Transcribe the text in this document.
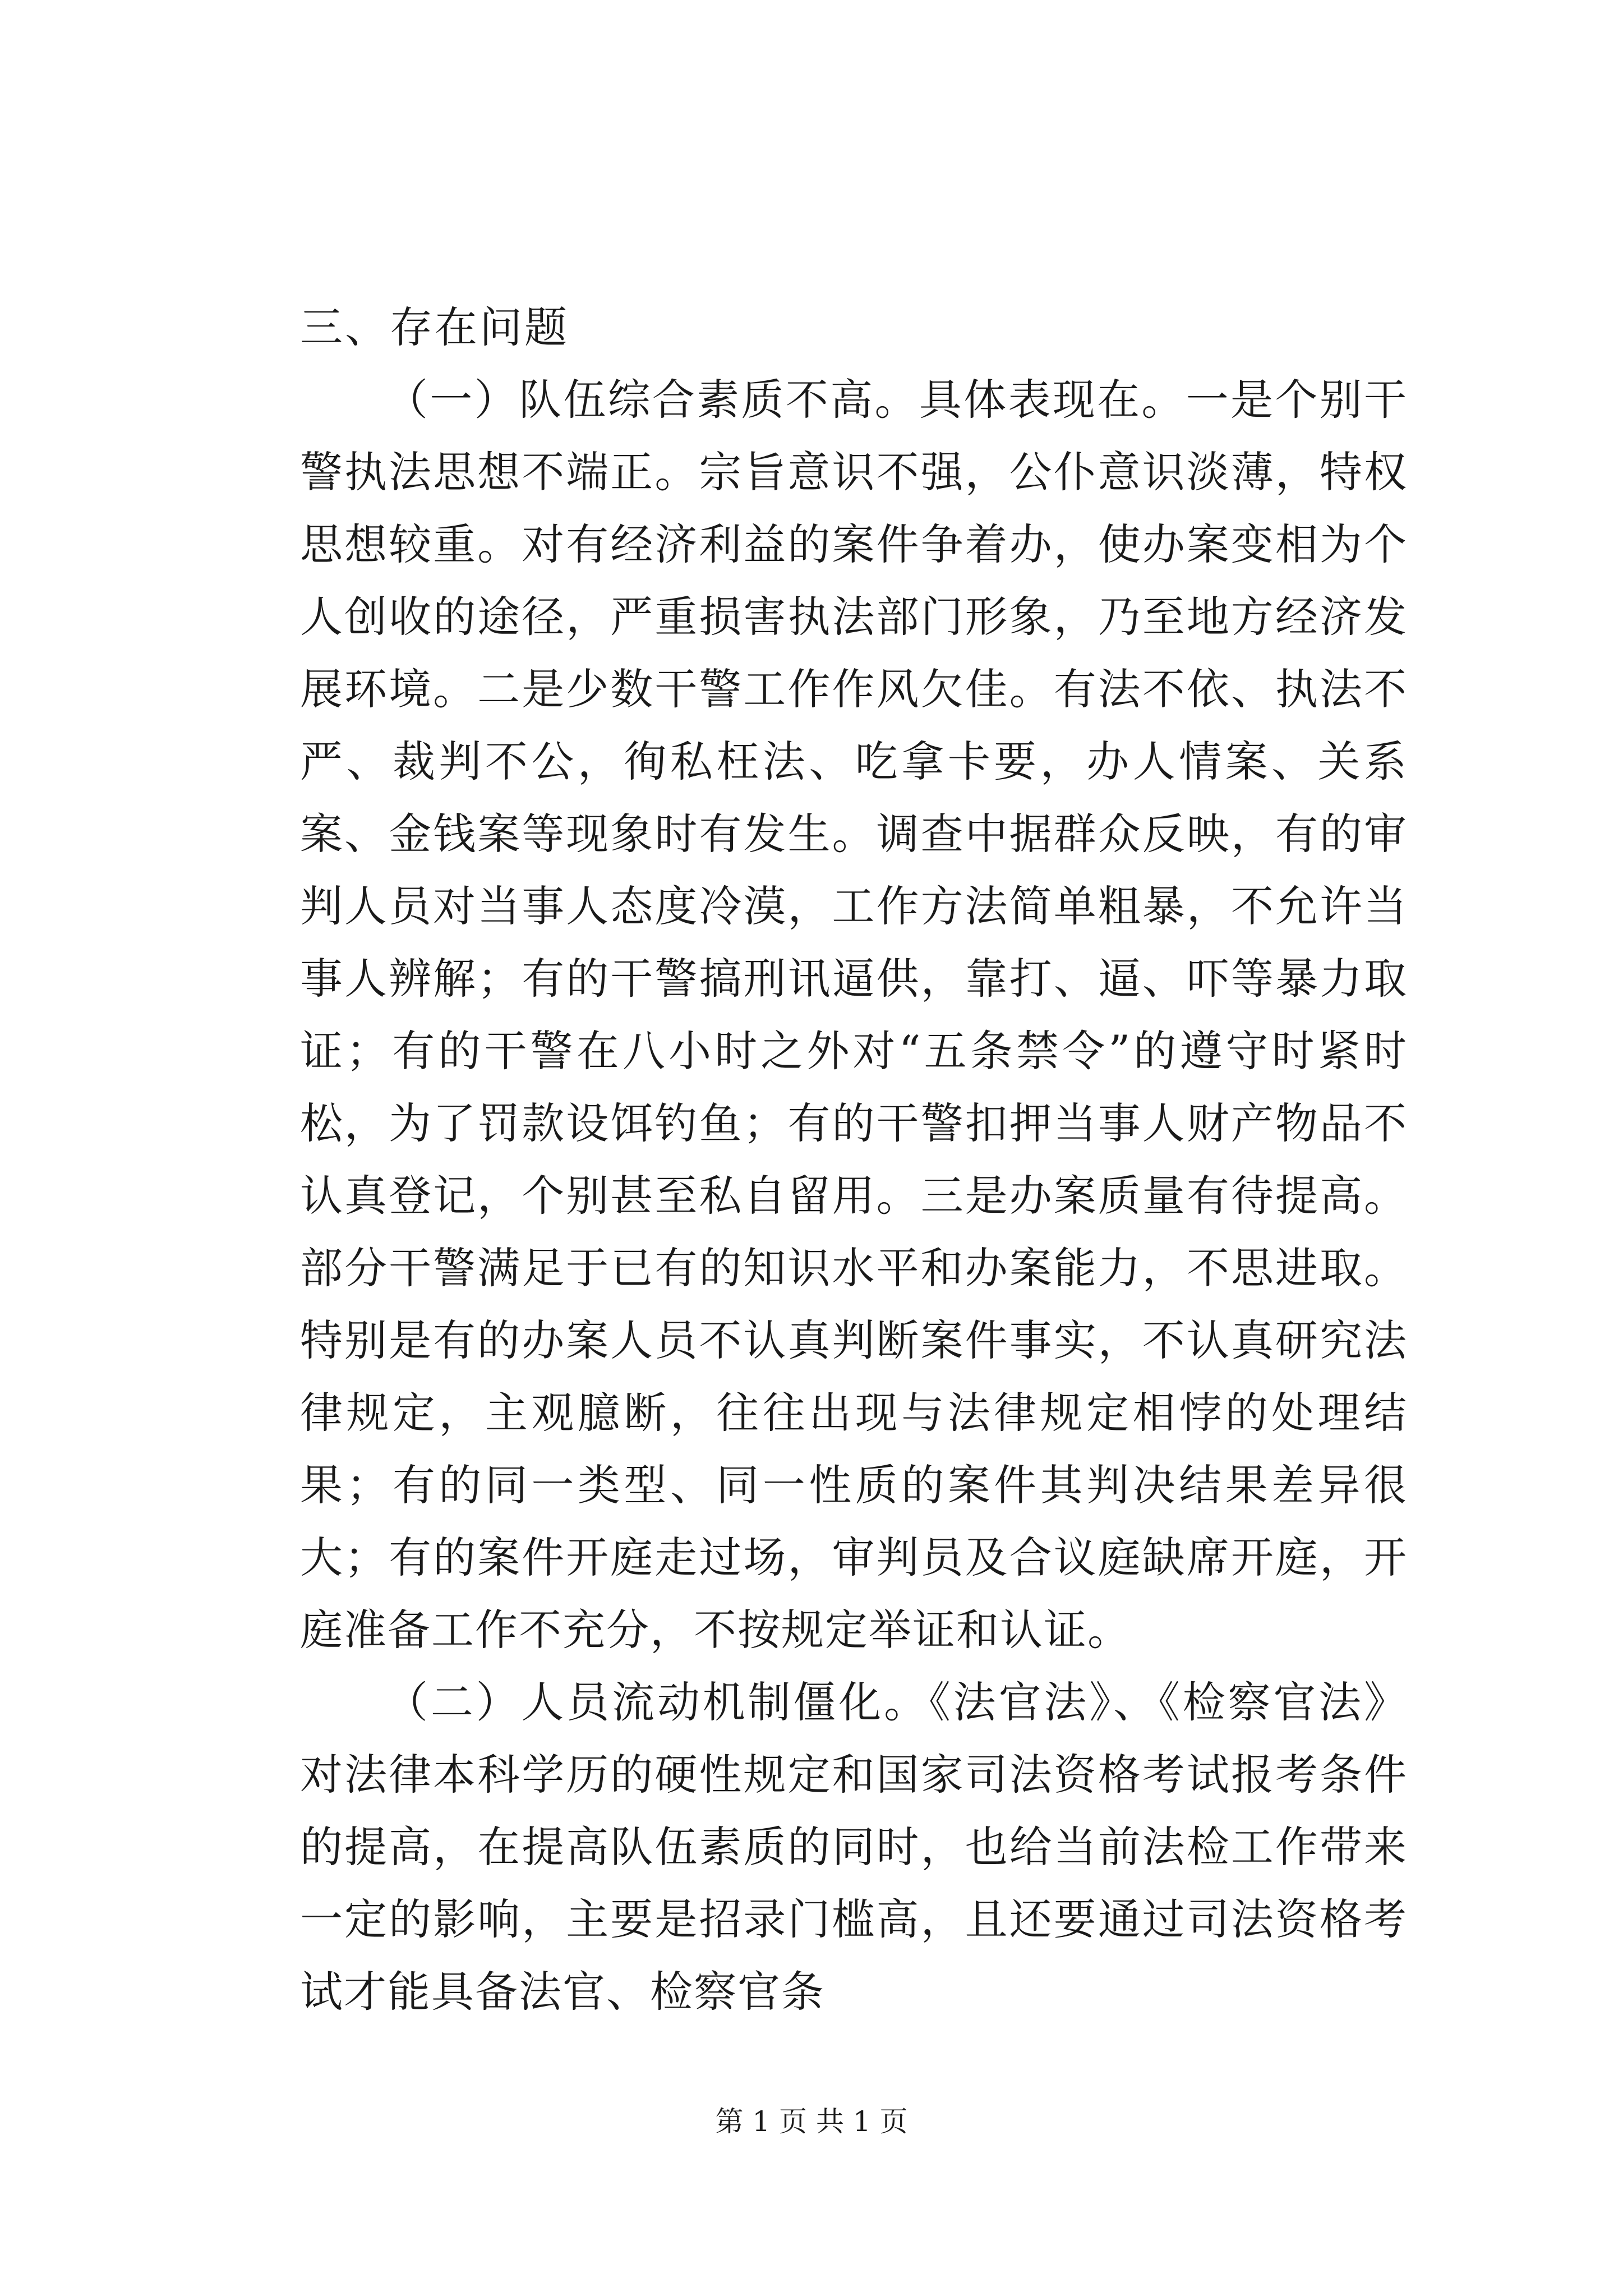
三、存在问题

（一）队伍综合素质不高。具体表现在。一是个别干警执法思想不端正。宗旨意识不强，公仆意识淡薄，特权思想较重。对有经济利益的案件争着办，使办案变相为个人创收的途径，严重损害执法部门形象，乃至地方经济发展环境。二是少数干警工作作风欠佳。有法不依、执法不严、裁判不公，徇私枉法、吃拿卡要，办人情案、关系案、金钱案等现象时有发生。调查中据群众反映，有的审判人员对当事人态度冷漠，工作方法简单粗暴，不允许当事人辨解；有的干警搞刑讯逼供，靠打、逼、吓等暴力取证；有的干警在八小时之外对“五条禁令”的遵守时紧时松，为了罚款设饵钓鱼；有的干警扣押当事人财产物品不认真登记，个别甚至私自留用。三是办案质量有待提高。部分干警满足于已有的知识水平和办案能力，不思进取。特别是有的办案人员不认真判断案件事实，不认真研究法律规定，主观臆断，往往出现与法律规定相悖的处理结果；有的同一类型、同一性质的案件其判决结果差异很大；有的案件开庭走过场，审判员及合议庭缺席开庭，开庭准备工作不充分，不按规定举证和认证。

（二）人员流动机制僵化。《法官法》、《检察官法》对法律本科学历的硬性规定和国家司法资格考试报考条件的提高，在提高队伍素质的同时，也给当前法检工作带来一定的影响，主要是招录门槛高，且还要通过司法资格考试才能具备法官、检察官条

第 1 页 共 1 页
